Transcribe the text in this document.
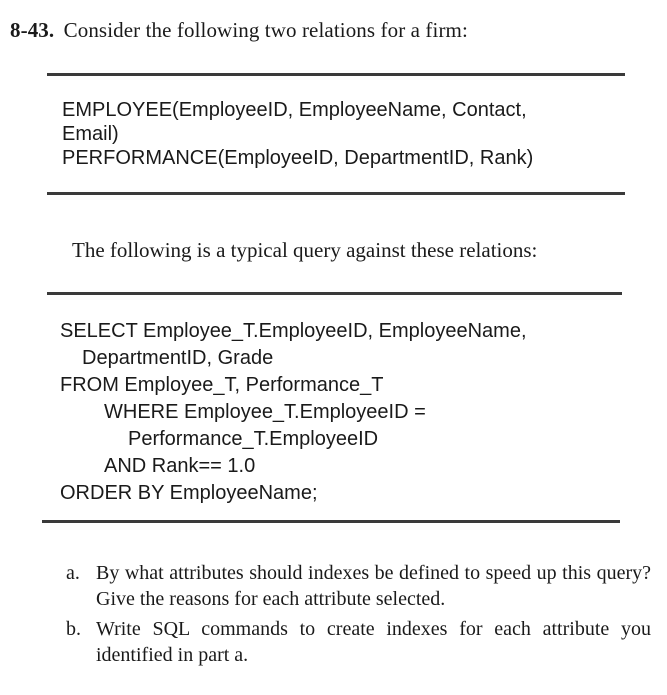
8-43. Consider the following two relations for a firm:
EMPLOYEE(EmployeeID, EmployeeName, Contact,
Email)
PERFORMANCE(EmployeeID, DepartmentID, Rank)
The following is a typical query against these relations:
SELECT Employee_T.EmployeeID, EmployeeName,
DepartmentID, Grade
FROM Employee_T, Performance_T
WHERE Employee_T.EmployeeID =
Performance_T.EmployeeID
AND Rank== 1.0
ORDER BY EmployeeName;
a. By what attributes should indexes be defined to speed up this query? Give the reasons for each attribute selected.
b. Write SQL commands to create indexes for each attribute you identified in part a.
